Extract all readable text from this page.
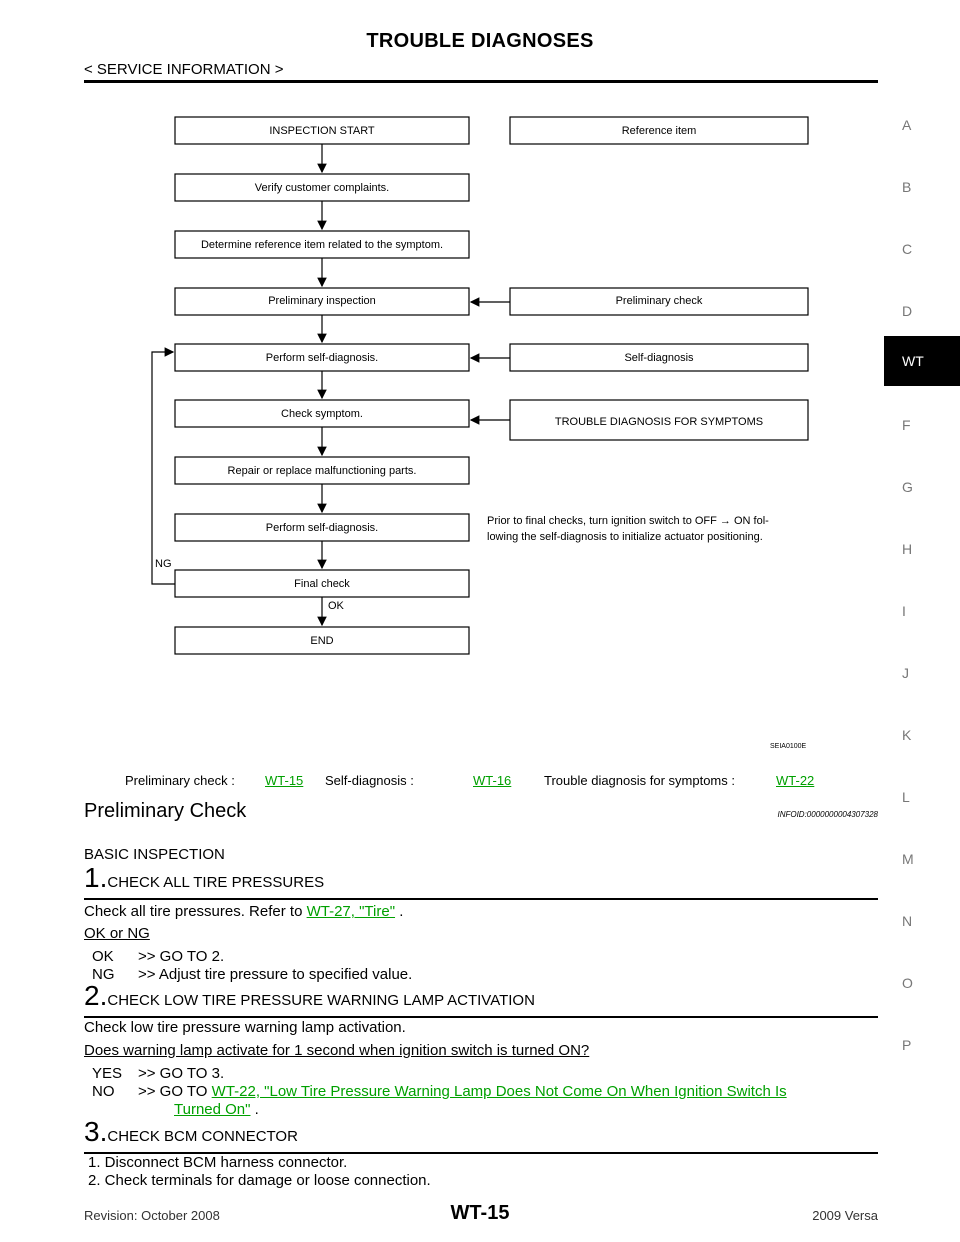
TROUBLE DIAGNOSES
< SERVICE INFORMATION >
A
B
C
D
WT
F
G
H
I
J
K
L
M
N
O
P
INSPECTION START
Verify customer complaints.
Determine reference item related to the symptom.
Preliminary inspection
Perform self-diagnosis.
Check symptom.
Repair or replace malfunctioning parts.
Perform self-diagnosis.
Final check
END
Reference item
Preliminary check
Self-diagnosis
TROUBLE DIAGNOSIS FOR SYMPTOMS
Prior to final checks, turn ignition switch to OFF → ON fol-
lowing the self-diagnosis to initialize actuator positioning.
NG
OK
SEIA0100E
Preliminary check : WT-15 Self-diagnosis :	WT-16	Trouble diagnosis for symptoms :	WT-22
Preliminary Check	INFOID:0000000004307328
BASIC INSPECTION
1.CHECK ALL TIRE PRESSURES
Check all tire pressures. Refer to WT-27, "Tire" .
OK or NG
OK >> GO TO 2.
NG >> Adjust tire pressure to specified value.
2.CHECK LOW TIRE PRESSURE WARNING LAMP ACTIVATION
Check low tire pressure warning lamp activation.
Does warning lamp activate for 1 second when ignition switch is turned ON?
YES >> GO TO 3.
NO >> GO TO WT-22, "Low Tire Pressure Warning Lamp Does Not Come On When Ignition Switch Is
Turned On" .
3.CHECK BCM CONNECTOR
1. Disconnect BCM harness connector.
2. Check terminals for damage or loose connection.
Revision: October 2008	WT-15	2009 Versa
